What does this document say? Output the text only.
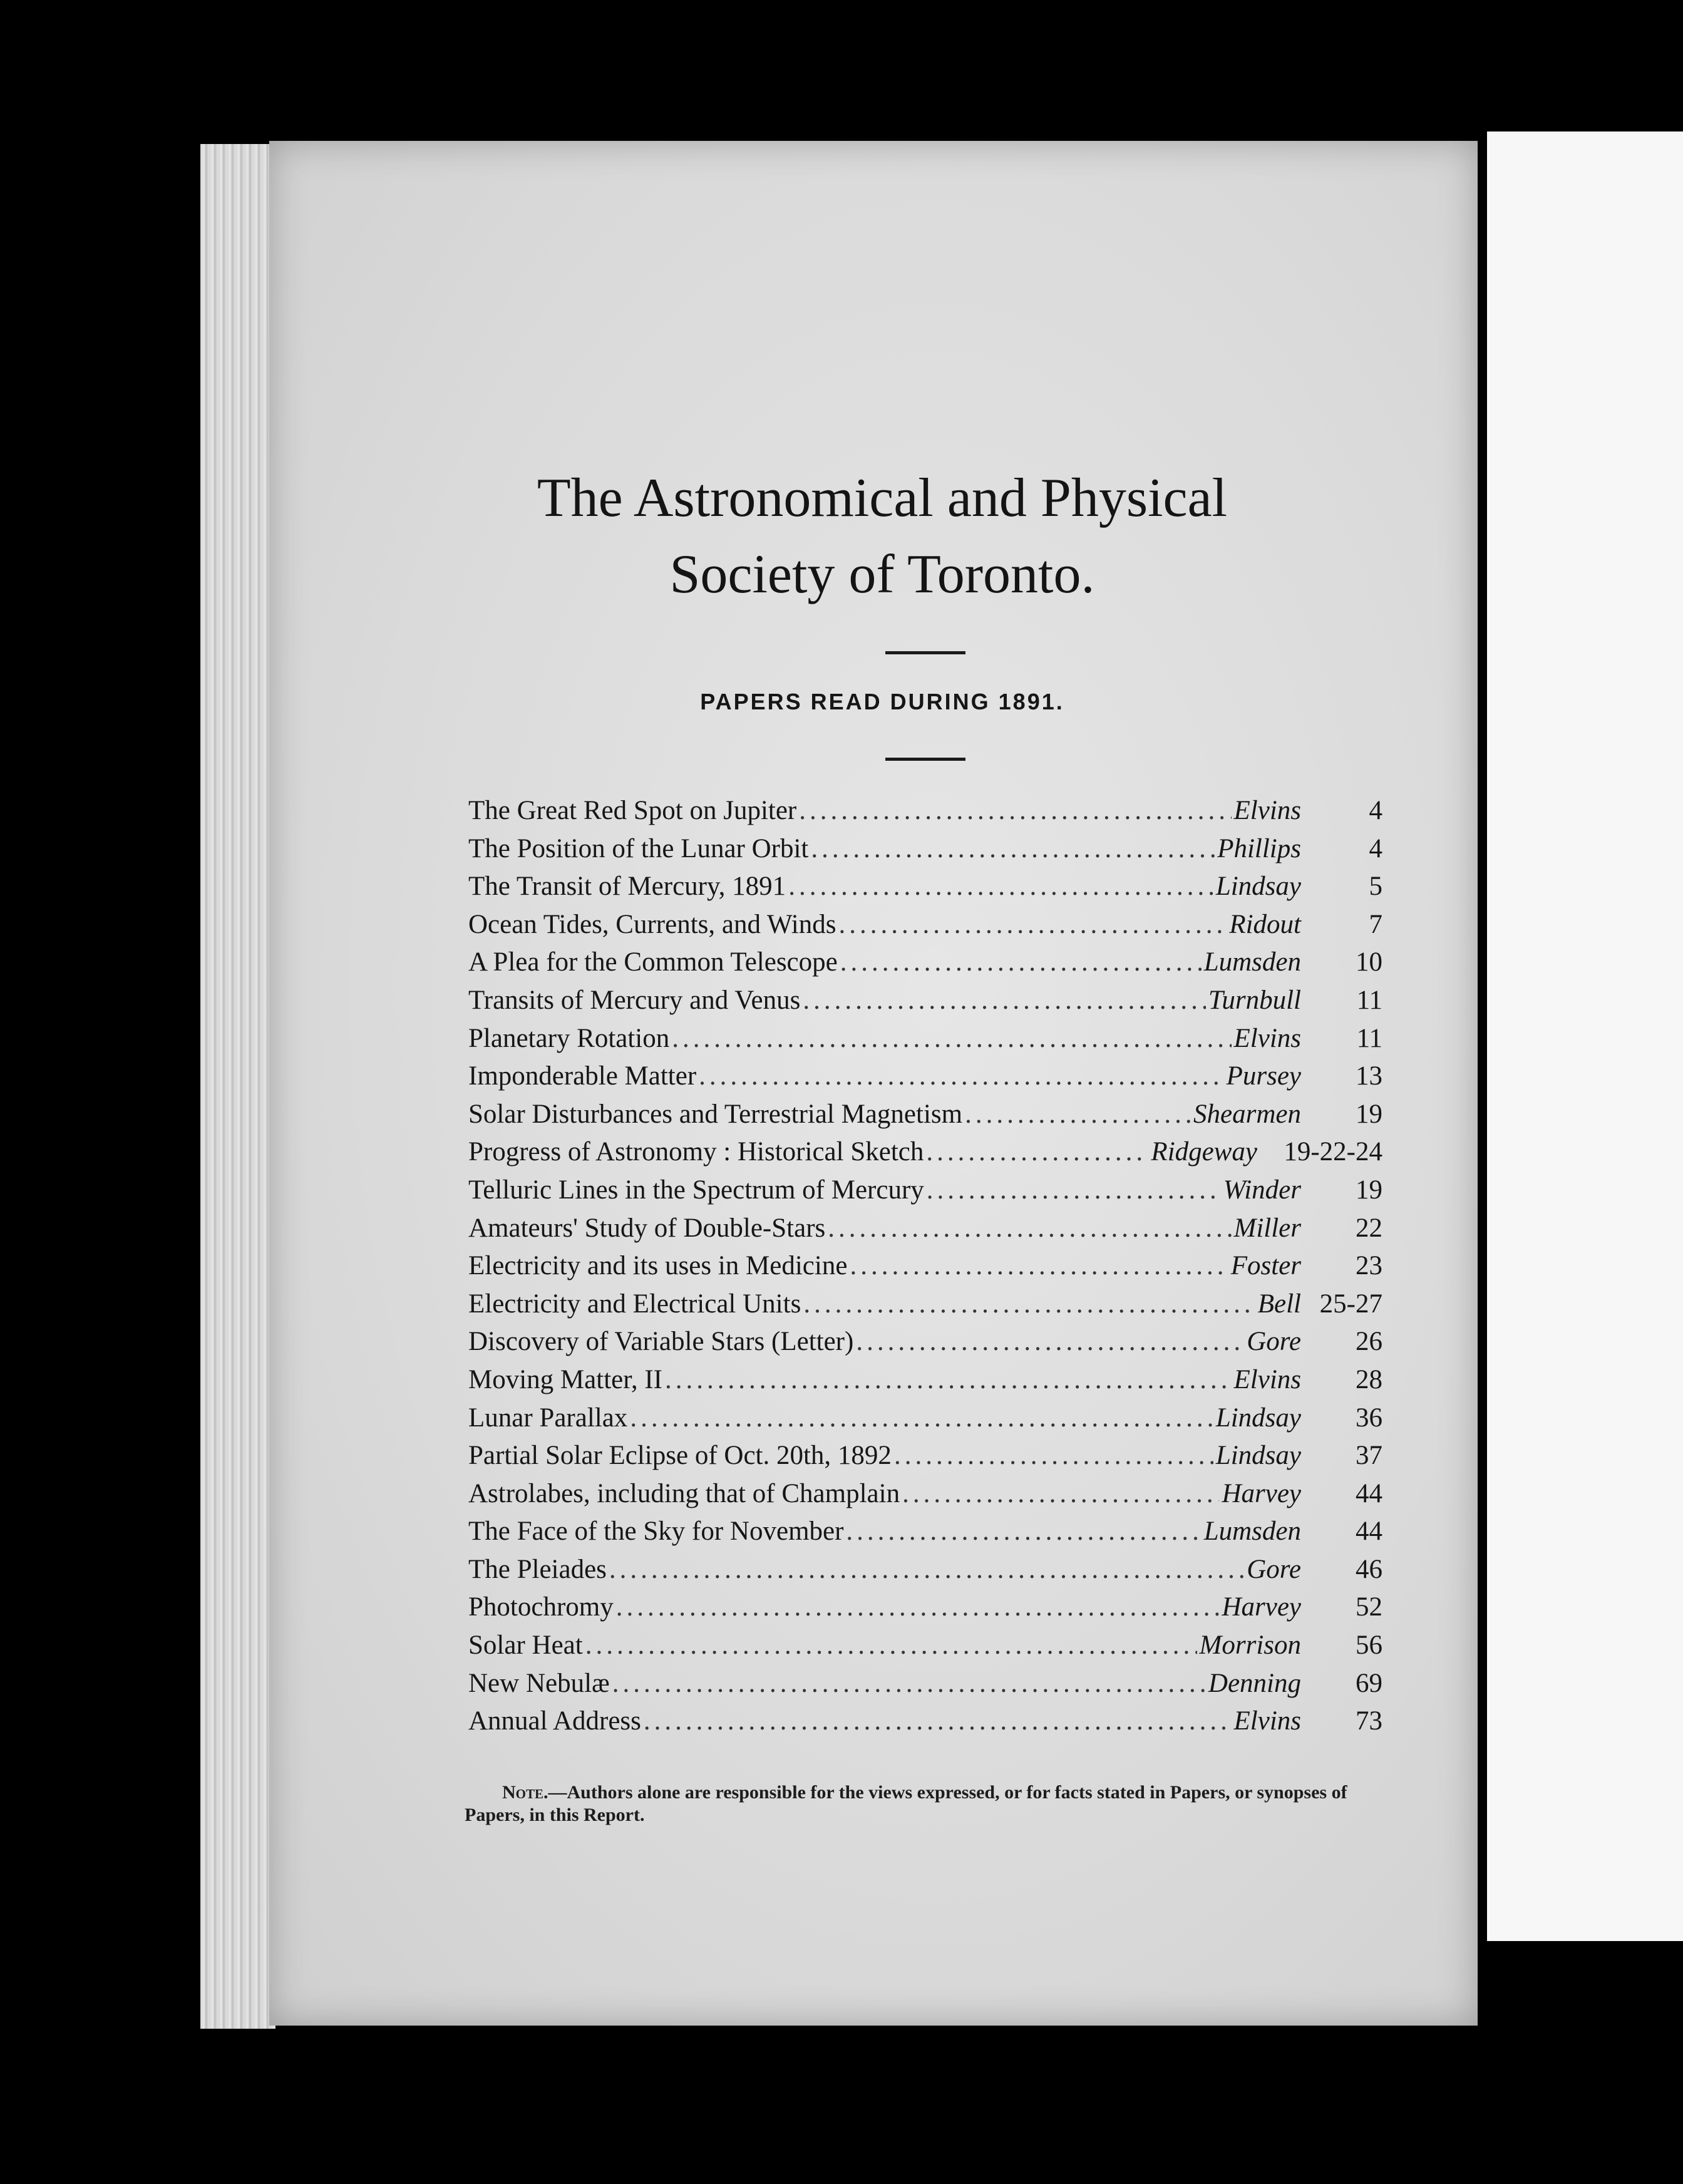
The Astronomical and Physical
Society of Toronto.
PAPERS READ DURING 1891.
The Great Red Spot on Jupiter .....	Elvins	4
The Position of the Lunar Orbit .....	Phillips	4
The Transit of Mercury, 1891 .....	Lindsay	5
Ocean Tides, Currents, and Winds .....	Ridout	7
A Plea for the Common Telescope .....	Lumsden	10
Transits of Mercury and Venus .....	Turnbull	11
Planetary Rotation .....	Elvins	11
Imponderable Matter .....	Pursey	13
Solar Disturbances and Terrestrial Magnetism .....	Shearmen	19
Progress of Astronomy : Historical Sketch .....	Ridgeway 19-22-24
Telluric Lines in the Spectrum of Mercury .....	Winder	19
Amateurs' Study of Double-Stars .....	Miller	22
Electricity and its uses in Medicine .....	Foster	23
Electricity and Electrical Units .....	Bell 25-27
Discovery of Variable Stars (Letter) .....	Gore	26
Moving Matter, II .....	Elvins	28
Lunar Parallax .....	Lindsay	36
Partial Solar Eclipse of Oct. 20th, 1892 .....	Lindsay	37
Astrolabes, including that of Champlain .....	Harvey	44
The Face of the Sky for November .....	Lumsden	44
The Pleiades .....	Gore	46
Photochromy .....	Harvey	52
Solar Heat .....	Morrison	56
New Nebulæ .....	Denning	69
Annual Address .....	Elvins	73
Note.—Authors alone are responsible for the views expressed, or for facts stated in Papers, or synopses of Papers, in this Report.
